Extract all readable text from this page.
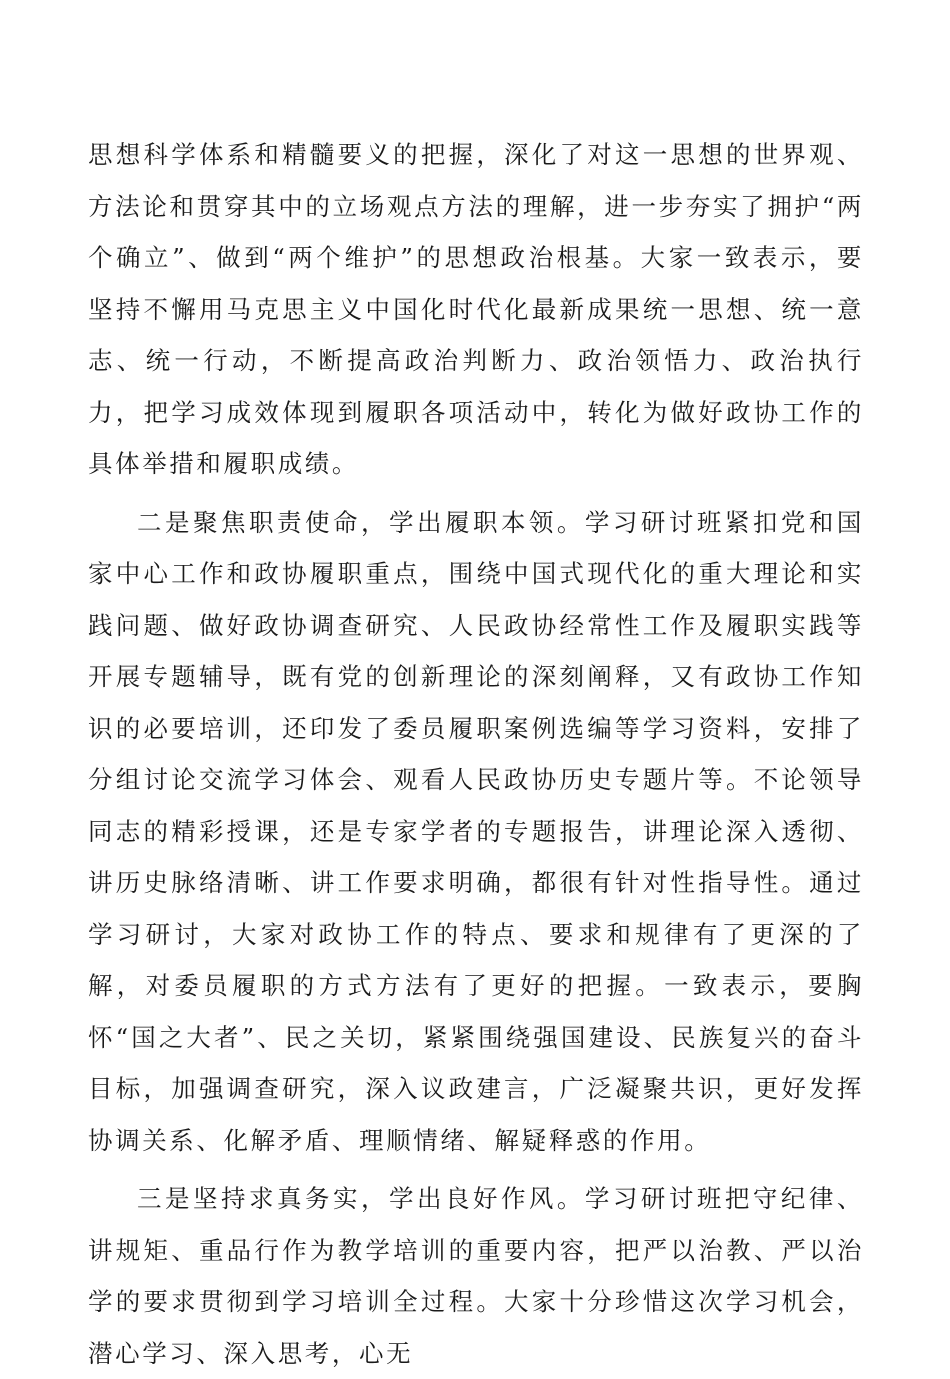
思想科学体系和精髓要义的把握，深化了对这一思想的世界观、方法论和贯穿其中的立场观点方法的理解，进一步夯实了拥护“两个确立”、做到“两个维护”的思想政治根基。大家一致表示，要坚持不懈用马克思主义中国化时代化最新成果统一思想、统一意志、统一行动，不断提高政治判断力、政治领悟力、政治执行力，把学习成效体现到履职各项活动中，转化为做好政协工作的具体举措和履职成绩。

二是聚焦职责使命，学出履职本领。学习研讨班紧扣党和国家中心工作和政协履职重点，围绕中国式现代化的重大理论和实践问题、做好政协调查研究、人民政协经常性工作及履职实践等开展专题辅导，既有党的创新理论的深刻阐释，又有政协工作知识的必要培训，还印发了委员履职案例选编等学习资料，安排了分组讨论交流学习体会、观看人民政协历史专题片等。不论领导同志的精彩授课，还是专家学者的专题报告，讲理论深入透彻、讲历史脉络清晰、讲工作要求明确，都很有针对性指导性。通过学习研讨，大家对政协工作的特点、要求和规律有了更深的了解，对委员履职的方式方法有了更好的把握。一致表示，要胸怀“国之大者”、民之关切，紧紧围绕强国建设、民族复兴的奋斗目标，加强调查研究，深入议政建言，广泛凝聚共识，更好发挥协调关系、化解矛盾、理顺情绪、解疑释惑的作用。

三是坚持求真务实，学出良好作风。学习研讨班把守纪律、讲规矩、重品行作为教学培训的重要内容，把严以治教、严以治学的要求贯彻到学习培训全过程。大家十分珍惜这次学习机会，潜心学习、深入思考，心无
